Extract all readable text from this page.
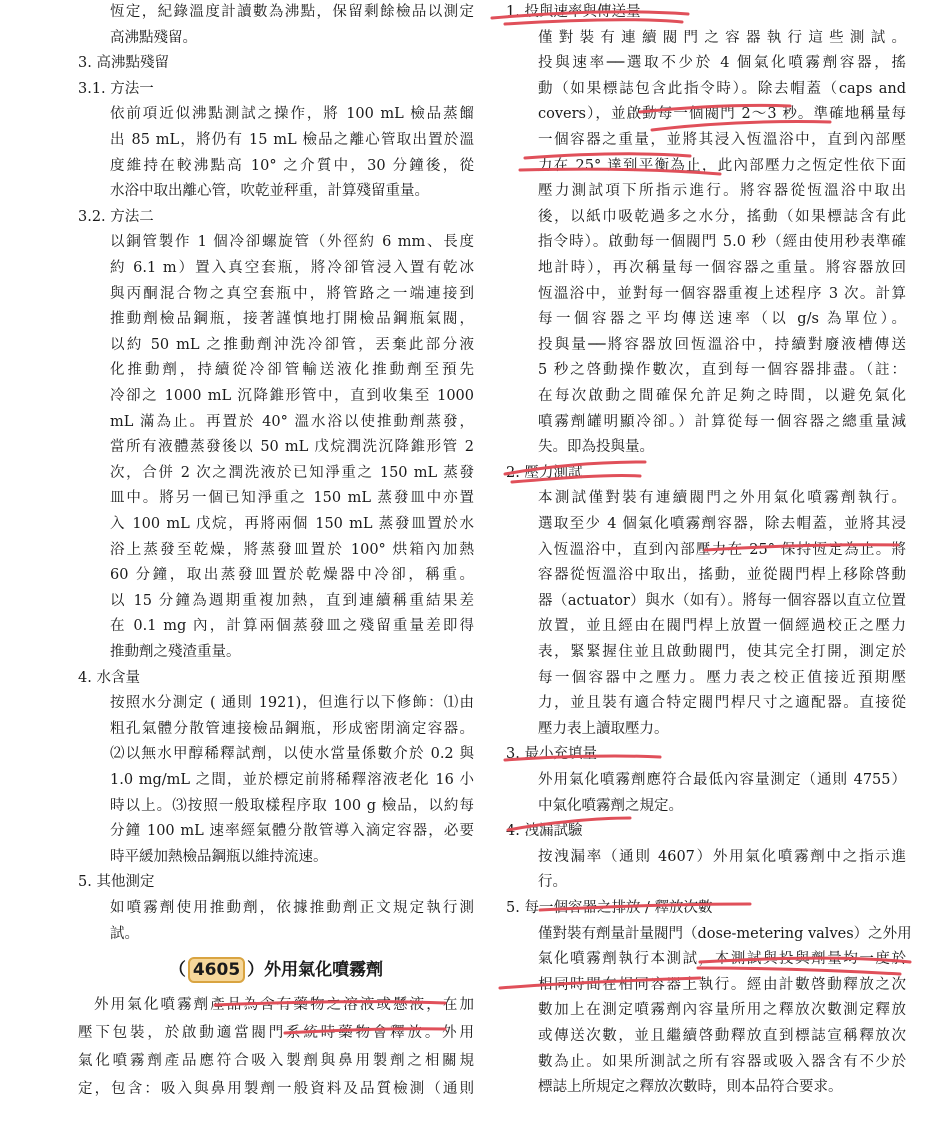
（ 4605 ）外用氣化噴霧劑
恆定，紀錄溫度計讀數為沸點，保留剩餘檢品以測定
高沸點殘留。
3. 高沸點殘留
3.1. 方法一
依前項近似沸點測試之操作，將 100 mL 檢品蒸餾
出 85 mL，將仍有 15 mL 檢品之離心管取出置於溫
度維持在較沸點高 10° 之介質中，30 分鐘後，從
水浴中取出離心管，吹乾並秤重，計算殘留重量。
3.2. 方法二
以銅管製作 1 個冷卻螺旋管（外徑約 6 mm、長度
約 6.1 m）置入真空套瓶，將冷卻管浸入置有乾冰
與丙酮混合物之真空套瓶中，將管路之一端連接到
推動劑檢品鋼瓶，接著謹慎地打開檢品鋼瓶氣閥，
以約 50 mL 之推動劑沖洗冷卻管，丟棄此部分液
化推動劑，持續從冷卻管輸送液化推動劑至預先
冷卻之 1000 mL 沉降錐形管中，直到收集至 1000
mL 滿為止。再置於 40° 溫水浴以使推動劑蒸發，
當所有液體蒸發後以 50 mL 戊烷潤洗沉降錐形管 2
次，合併 2 次之潤洗液於已知淨重之 150 mL 蒸發
皿中。將另一個已知淨重之 150 mL 蒸發皿中亦置
入 100 mL 戊烷，再將兩個 150 mL 蒸發皿置於水
浴上蒸發至乾燥，將蒸發皿置於 100° 烘箱內加熱
60 分鐘，取出蒸發皿置於乾燥器中冷卻，稱重。
以 15 分鐘為週期重複加熱，直到連續稱重結果差
在 0.1 mg 內，計算兩個蒸發皿之殘留重量差即得
推動劑之殘渣重量。
4. 水含量
按照水分測定 ( 通則 1921)，但進行以下修飾：⑴由
粗孔氣體分散管連接檢品鋼瓶，形成密閉滴定容器。
⑵以無水甲醇稀釋試劑，以使水當量係數介於 0.2 與
1.0 mg/mL 之間，並於標定前將稀釋溶液老化 16 小
時以上。⑶按照一般取樣程序取 100 g 檢品，以約每
分鐘 100 mL 速率經氣體分散管導入滴定容器，必要
時平緩加熱檢品鋼瓶以維持流速。
5. 其他測定
如噴霧劑使用推動劑，依據推動劑正文規定執行測
試。
外用氣化噴霧劑產品為含有藥物之溶液或懸液，在加
壓下包裝，於啟動適當閥門系統時藥物會釋放。外用
氣化噴霧劑產品應符合吸入製劑與鼻用製劑之相關規
定，包含：吸入與鼻用製劑一般資料及品質檢測（通則
1. 投與速率與傳送量
僅對裝有連續閥門之容器執行這些測試。
投與速率──選取不少於 4 個氣化噴霧劑容器，搖
動（如果標誌包含此指令時）。除去帽蓋（caps and
covers），並啟動每一個閥門 2～3 秒。準確地稱量每
一個容器之重量，並將其浸入恆溫浴中，直到內部壓
力在 25° 達到平衡為止，此內部壓力之恆定性依下面
壓力測試項下所指示進行。將容器從恆溫浴中取出
後，以紙巾吸乾過多之水分，搖動（如果標誌含有此
指令時）。啟動每一個閥門 5.0 秒（經由使用秒表準確
地計時），再次稱量每一個容器之重量。將容器放回
恆溫浴中，並對每一個容器重複上述程序 3 次。計算
每一個容器之平均傳送速率（以 g/s 為單位）。
投與量──將容器放回恆溫浴中，持續對廢液槽傳送
5 秒之啓動操作數次，直到每一個容器排盡。（註：
在每次啟動之間確保允許足夠之時間，以避免氣化
噴霧劑罐明顯冷卻。）計算從每一個容器之總重量減
失。即為投與量。
2. 壓力測試
本測試僅對裝有連續閥門之外用氣化噴霧劑執行。
選取至少 4 個氣化噴霧劑容器，除去帽蓋，並將其浸
入恆溫浴中，直到內部壓力在 25° 保持恆定為止。將
容器從恆溫浴中取出，搖動，並從閥門桿上移除啓動
器（actuator）與水（如有）。將每一個容器以直立位置
放置，並且經由在閥門桿上放置一個經過校正之壓力
表，緊緊握住並且啟動閥門，使其完全打開，測定於
每一個容器中之壓力。壓力表之校正值接近預期壓
力，並且裝有適合特定閥門桿尺寸之適配器。直接從
壓力表上讀取壓力。
3. 最小充填量
外用氣化噴霧劑應符合最低內容量測定（通則 4755）
中氣化噴霧劑之規定。
4. 洩漏試驗
按洩漏率（通則 4607）外用氣化噴霧劑中之指示進
行。
5. 每一個容器之排放 / 釋放次數
僅對裝有劑量計量閥門（dose-metering valves）之外用
氣化噴霧劑執行本測試，本測試與投與劑量均一度於
相同時間在相同容器上執行。經由計數啓動釋放之次
數加上在測定噴霧劑內容量所用之釋放次數測定釋放
或傳送次數，並且繼續啓動釋放直到標誌宣稱釋放次
數為止。如果所測試之所有容器或吸入器含有不少於
標誌上所規定之釋放次數時，則本品符合要求。
